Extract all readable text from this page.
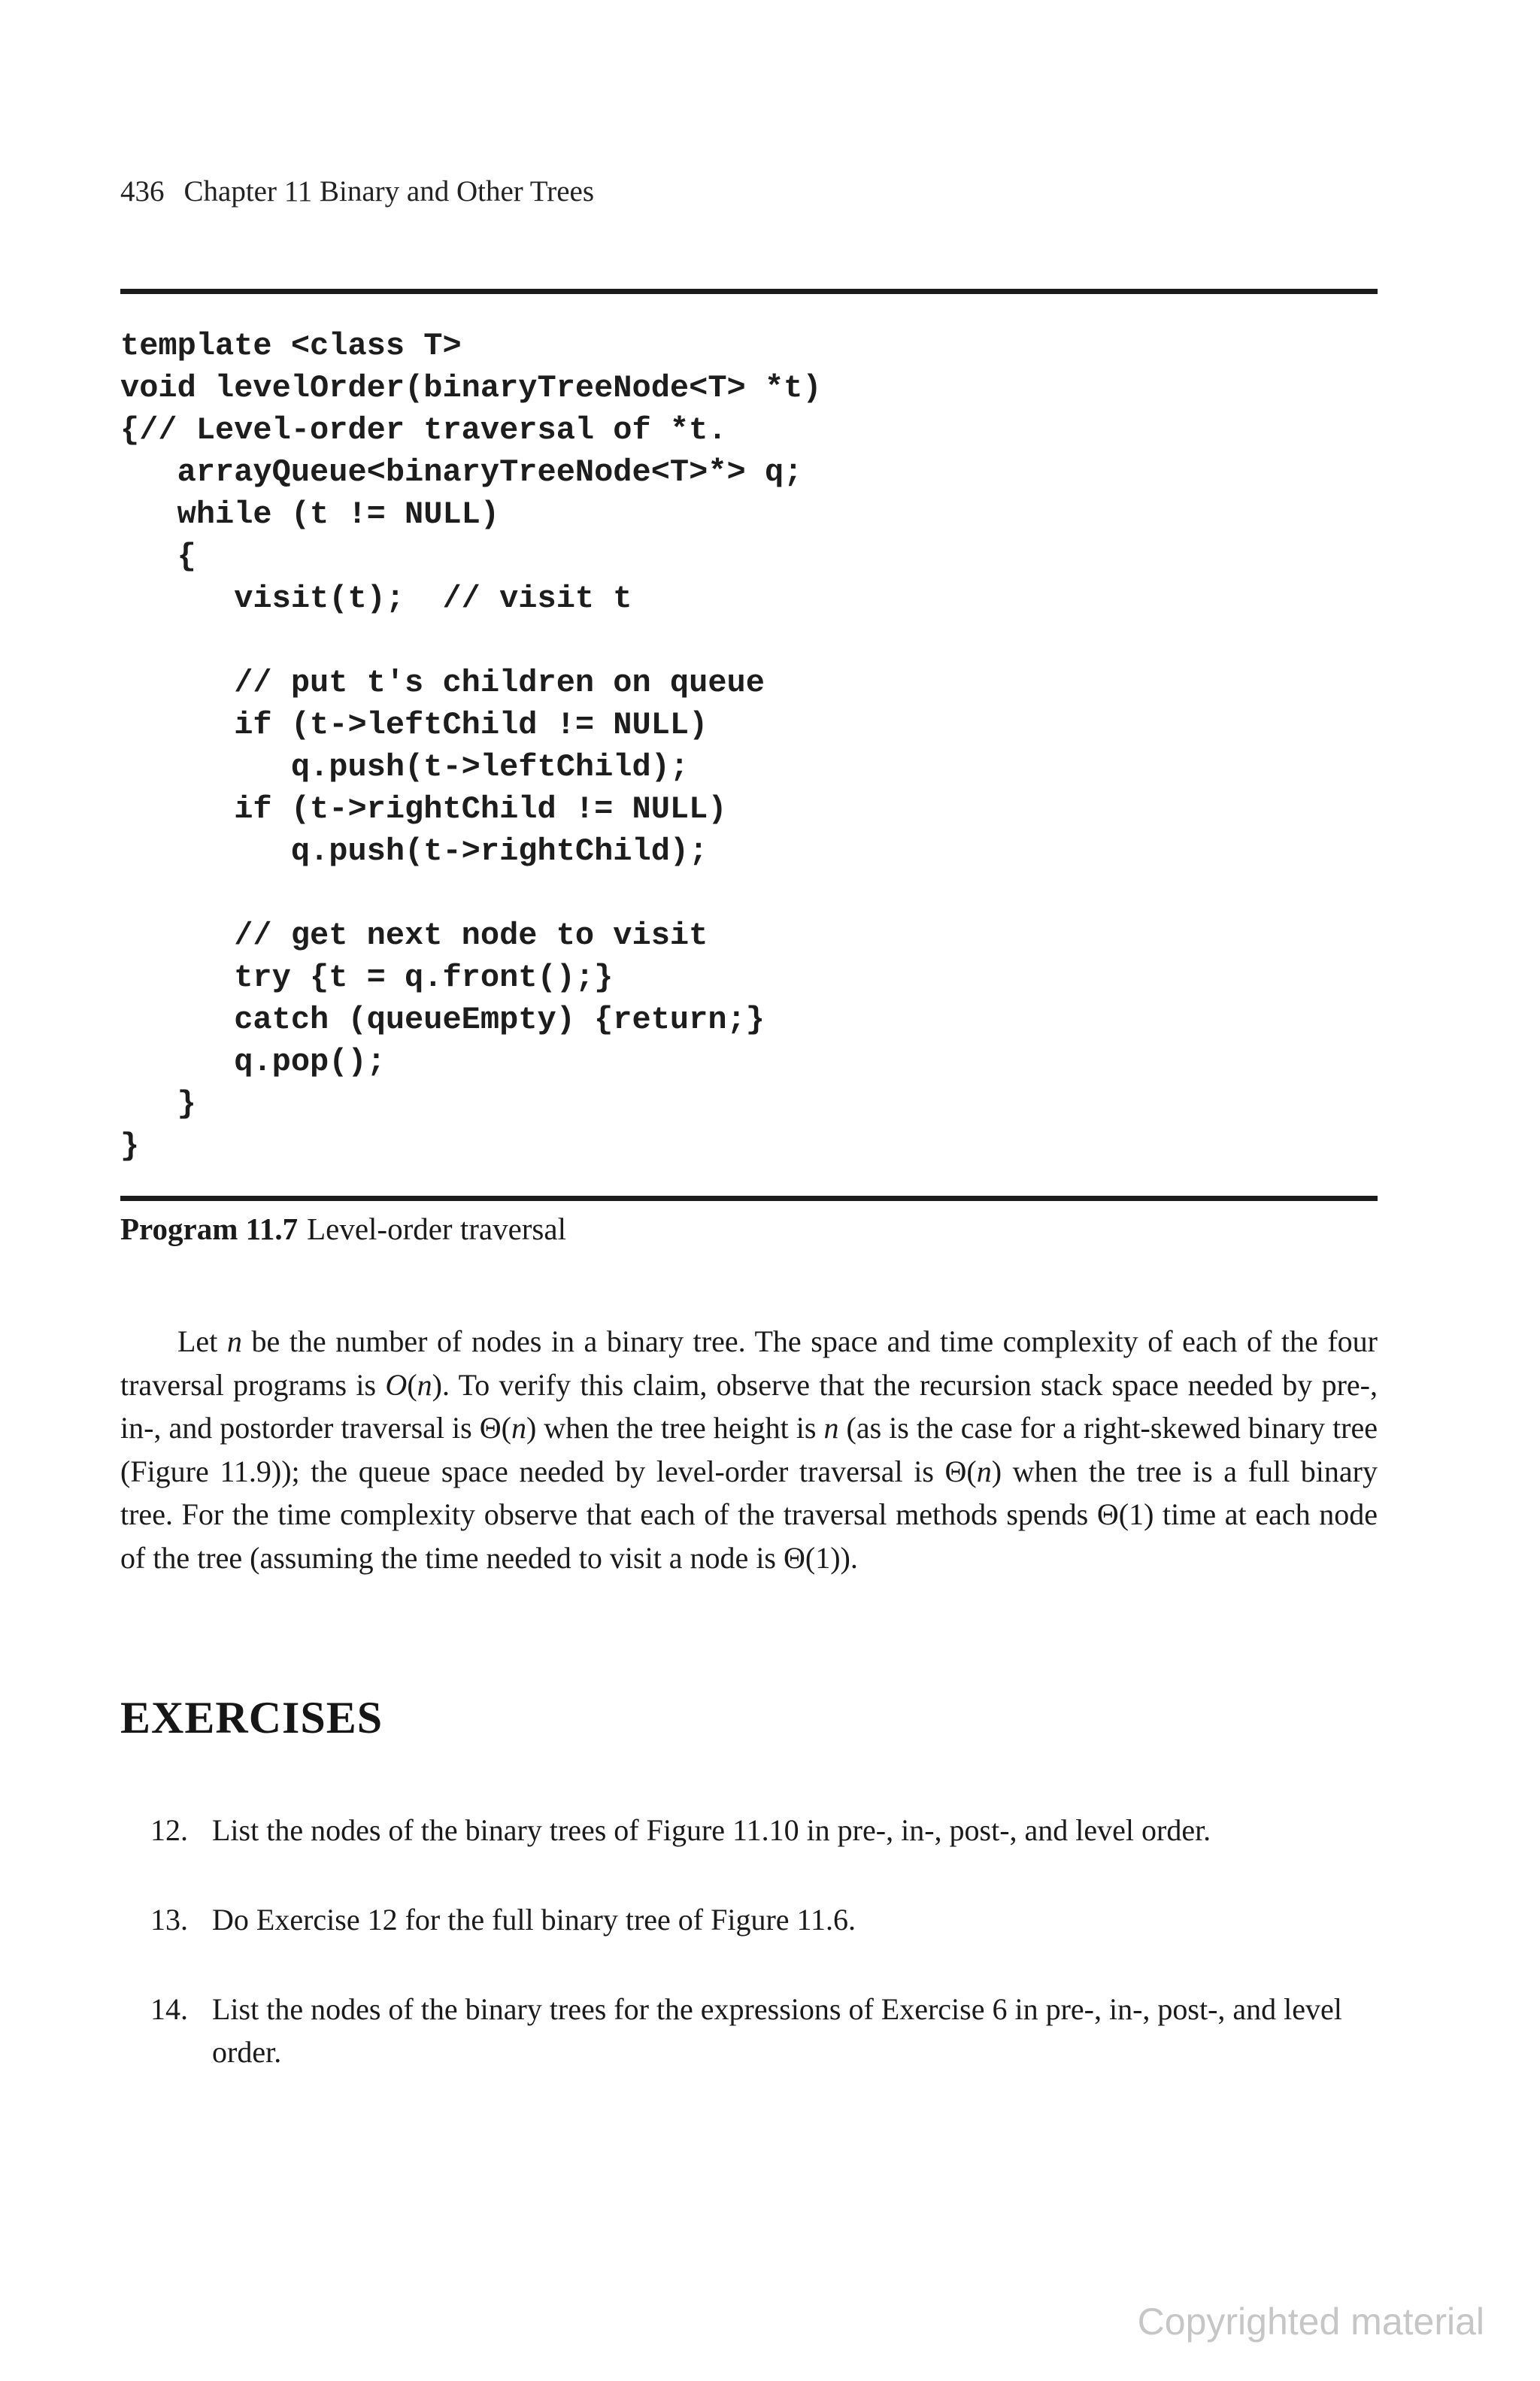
436 Chapter 11 Binary and Other Trees
template <class T>
void levelOrder(binaryTreeNode<T> *t)
{// Level-order traversal of *t.
arrayQueue<binaryTreeNode<T>*> q;
while (t != NULL)
{
visit(t);  // visit t
// put t's children on queue
if (t->leftChild != NULL)
q.push(t->leftChild);
if (t->rightChild != NULL)
q.push(t->rightChild);
// get next node to visit
try {t = q.front();}
catch (queueEmpty) {return;}
q.pop();
}
}
Program 11.7 Level-order traversal

Let n be the number of nodes in a binary tree. The space and time complexity of each of the four traversal programs is O(n). To verify this claim, observe that the recursion stack space needed by pre-, in-, and postorder traversal is Θ(n) when the tree height is n (as is the case for a right-skewed binary tree (Figure 11.9)); the queue space needed by level-order traversal is Θ(n) when the tree is a full binary tree. For the time complexity observe that each of the traversal methods spends Θ(1) time at each node of the tree (assuming the time needed to visit a node is Θ(1)).

EXERCISES
12. List the nodes of the binary trees of Figure 11.10 in pre-, in-, post-, and level order.
13. Do Exercise 12 for the full binary tree of Figure 11.6.
14. List the nodes of the binary trees for the expressions of Exercise 6 in pre-, in-, post-, and level order.
Copyrighted material
